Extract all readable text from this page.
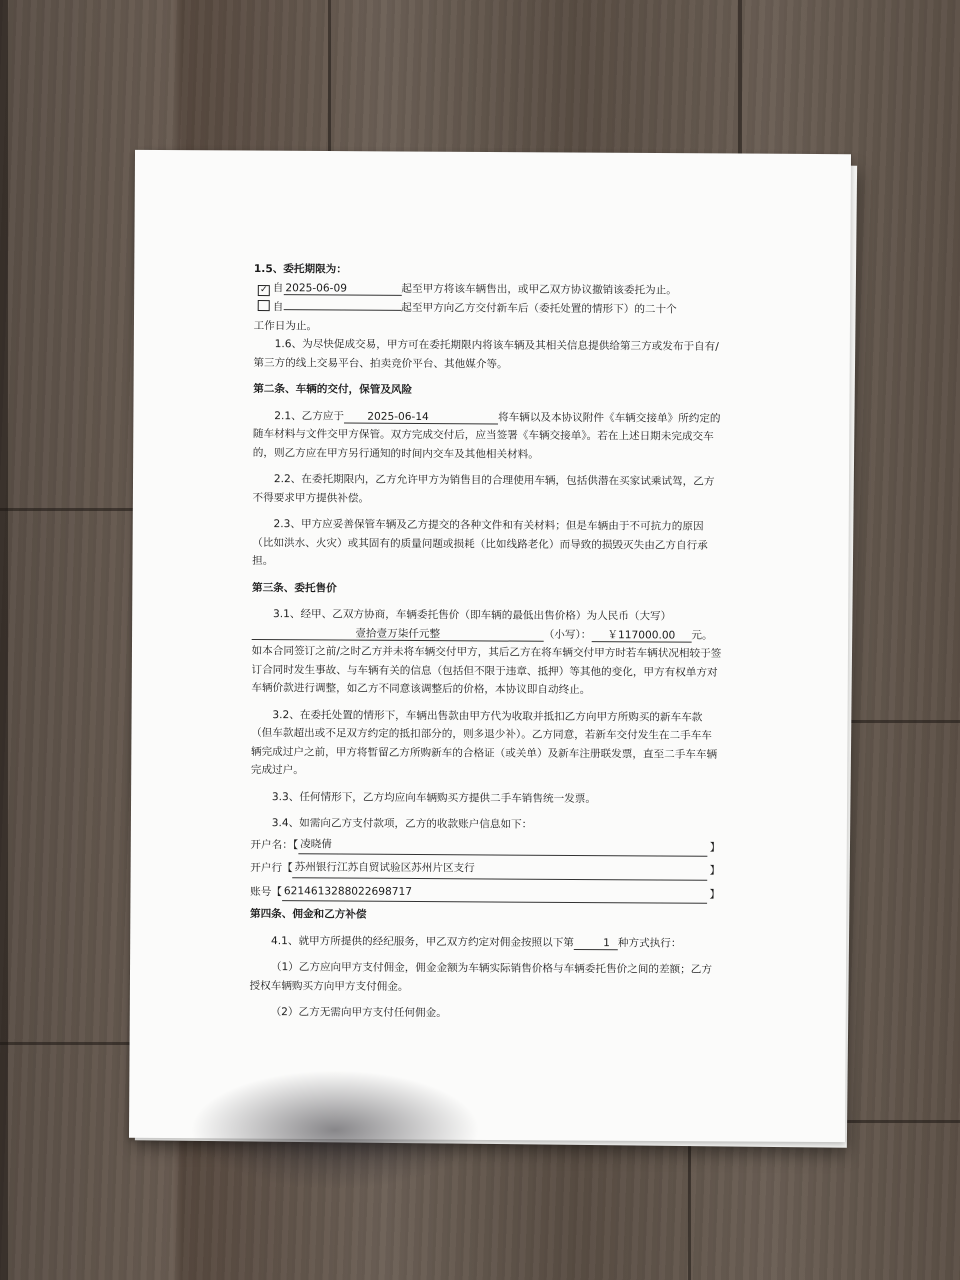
1.5、委托期限为：

✓ 自 2025-06-09	起至甲方将该车辆售出，或甲乙双方协议撤销该委托为止。

自	起至甲方向乙方交付新车后（委托处置的情形下）的二十个

工作日为止。

1.6、为尽快促成交易，甲方可在委托期限内将该车辆及其相关信息提供给第三方或发布于自有/第三方的线上交易平台、拍卖竞价平台、其他媒介等。

第二条、车辆的交付，保管及风险

2.1、乙方应于 2025-06-14	将车辆以及本协议附件《车辆交接单》所约定的随车材料与文件交甲方保管。双方完成交付后，应当签署《车辆交接单》。若在上述日期未完成交车的，则乙方应在甲方另行通知的时间内交车及其他相关材料。

2.2、在委托期限内，乙方允许甲方为销售目的合理使用车辆，包括供潜在买家试乘试驾，乙方不得要求甲方提供补偿。

2.3、甲方应妥善保管车辆及乙方提交的各种文件和有关材料；但是车辆由于不可抗力的原因（比如洪水、火灾）或其固有的质量问题或损耗（比如线路老化）而导致的损毁灭失由乙方自行承担。

第三条、委托售价

3.1、经甲、乙双方协商，车辆委托售价（即车辆的最低出售价格）为人民币（大写）

壹拾壹万柒仟元整	（小写）： ￥117000.00 元。

如本合同签订之前/之时乙方并未将车辆交付甲方，其后乙方在将车辆交付甲方时若车辆状况相较于签订合同时发生事故、与车辆有关的信息（包括但不限于违章、抵押）等其他的变化，甲方有权单方对车辆价款进行调整，如乙方不同意该调整后的价格，本协议即自动终止。

3.2、在委托处置的情形下，车辆出售款由甲方代为收取并抵扣乙方向甲方所购买的新车车款（但车款超出或不足双方约定的抵扣部分的，则多退少补）。乙方同意，若新车交付发生在二手车车辆完成过户之前，甲方将暂留乙方所购新车的合格证（或关单）及新车注册联发票，直至二手车车辆完成过户。

3.3、任何情形下，乙方均应向车辆购买方提供二手车销售统一发票。

3.4、如需向乙方支付款项，乙方的收款账户信息如下：

开户名：【 凌晓倩	】
开户行【 苏州银行江苏自贸试验区苏州片区支行	】
账号【 6214613288022698717	】

第四条、佣金和乙方补偿

4.1、就甲方所提供的经纪服务，甲乙双方约定对佣金按照以下第	1 种方式执行：

（1）乙方应向甲方支付佣金，佣金金额为车辆实际销售价格与车辆委托售价之间的差额；乙方授权车辆购买方向甲方支付佣金。

（2）乙方无需向甲方支付任何佣金。
